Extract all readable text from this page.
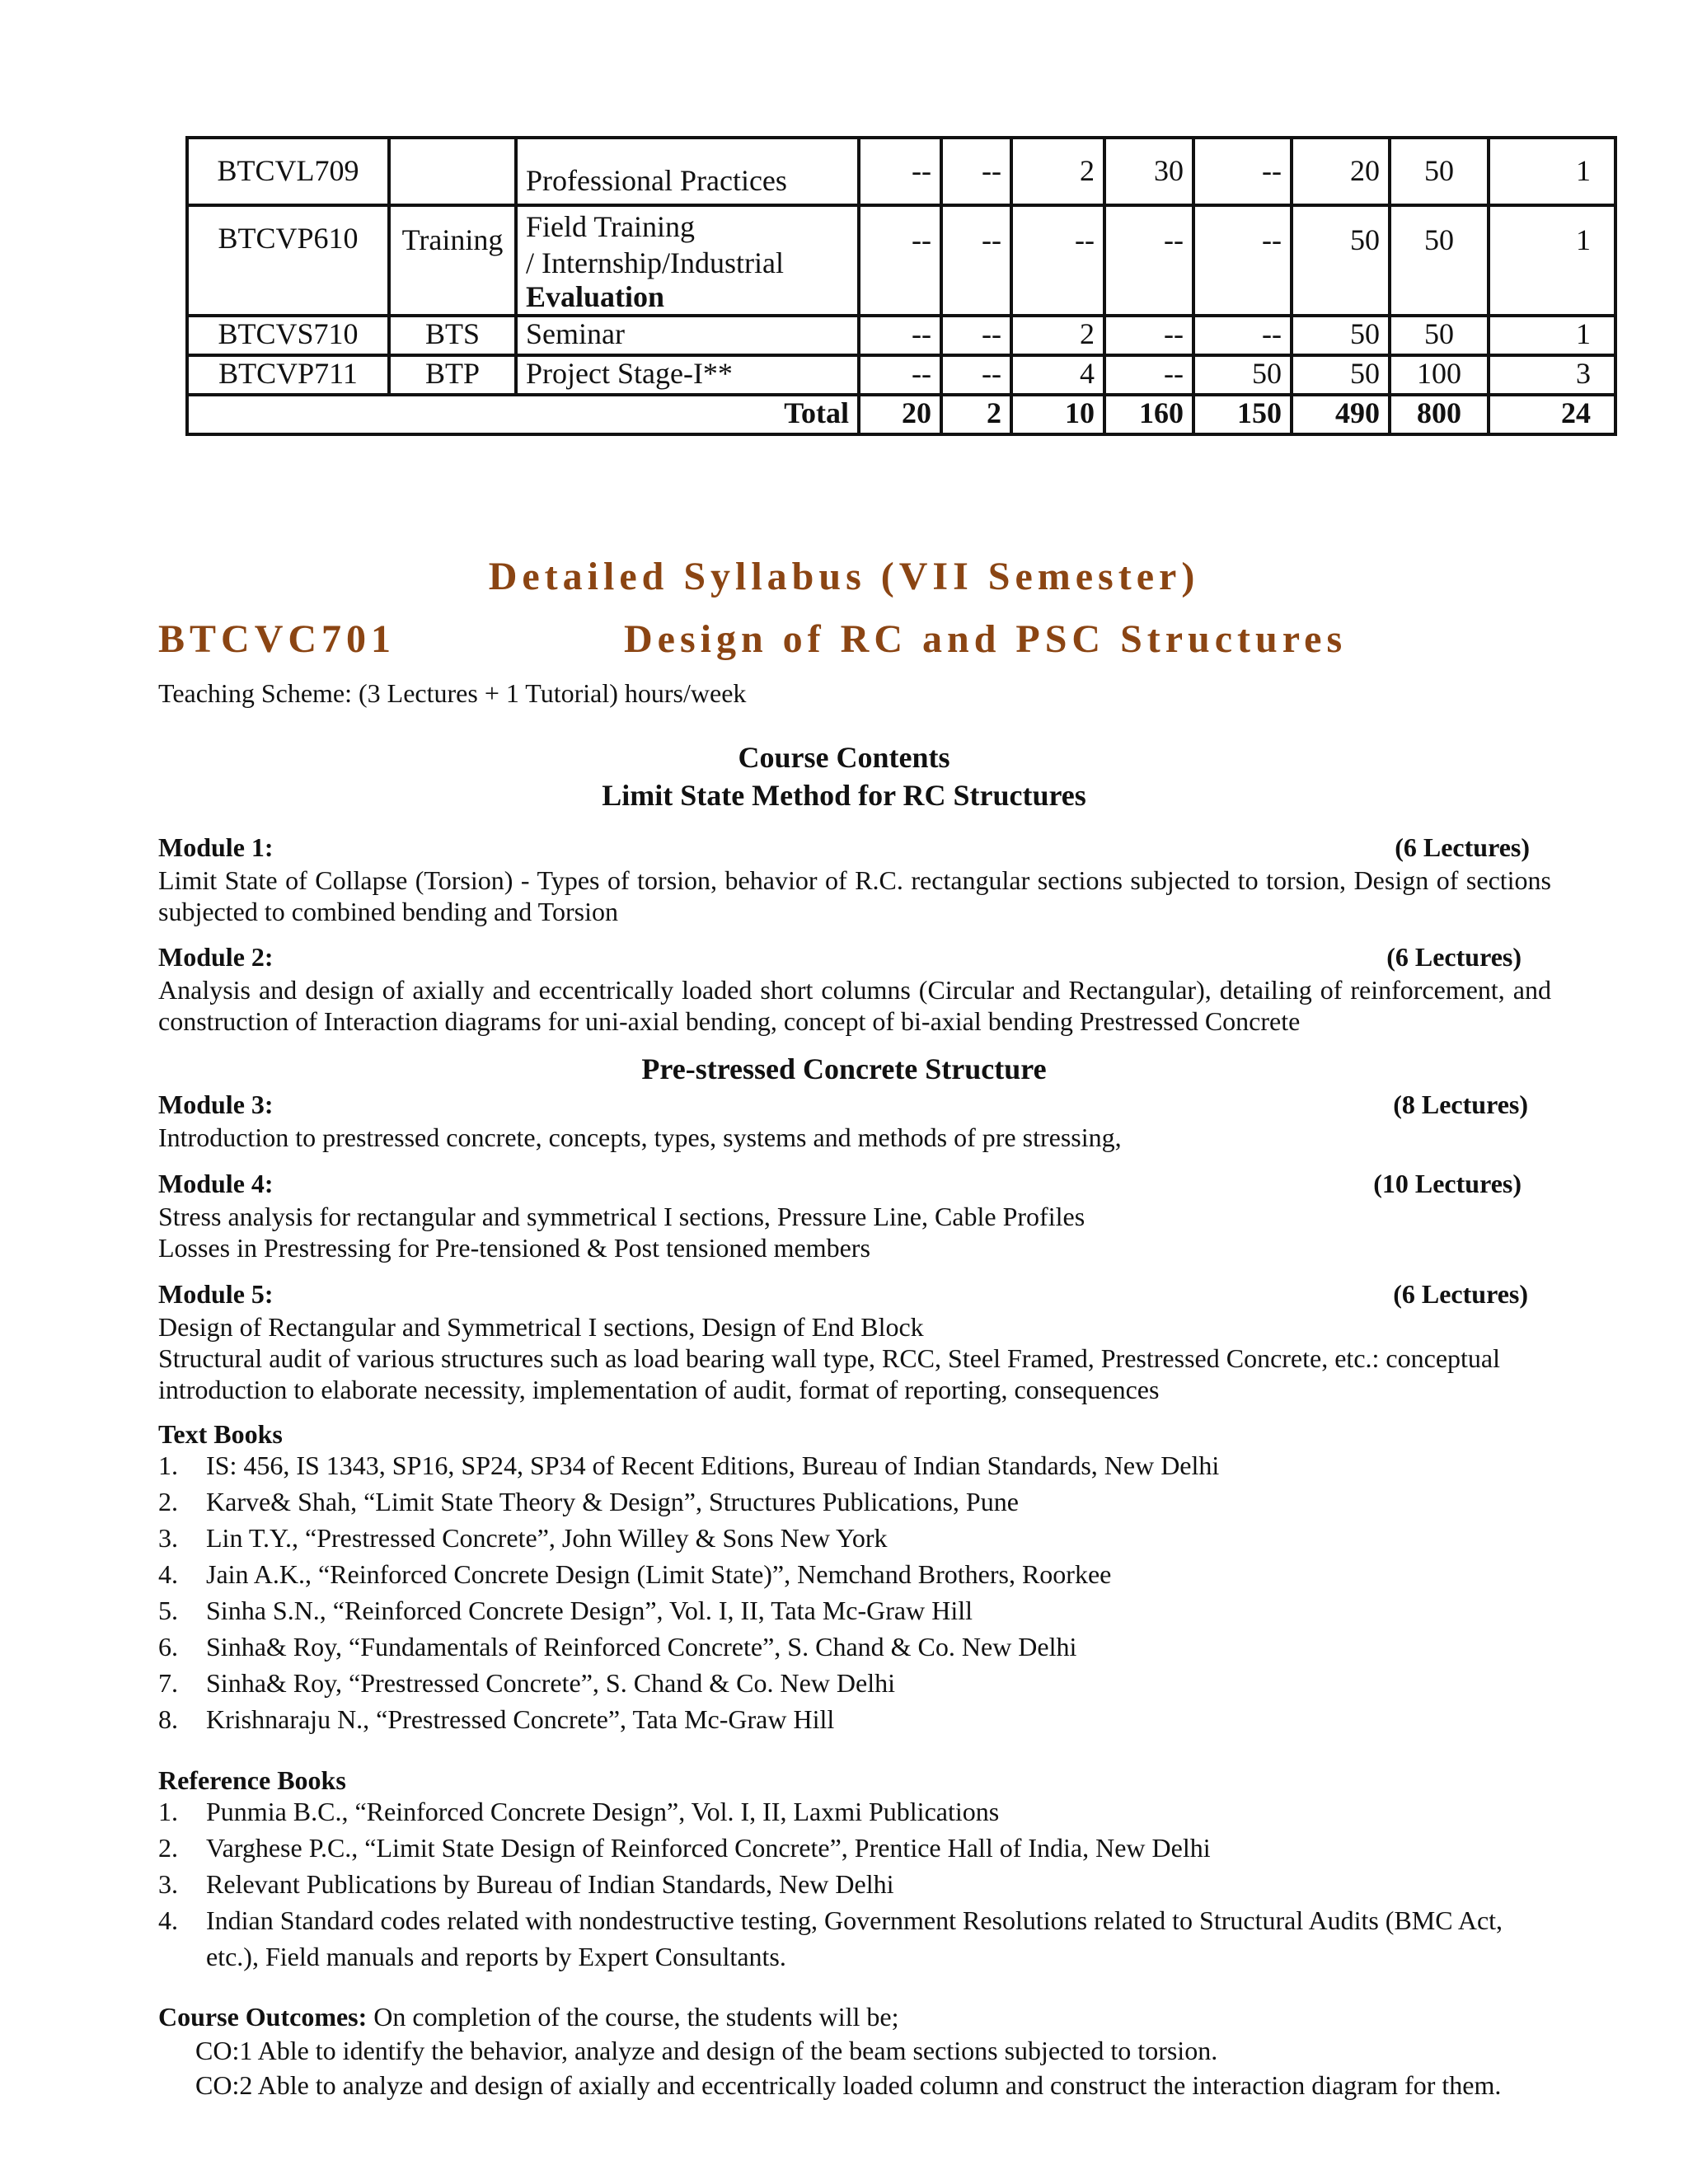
BTCVL709		Professional Practices	--	--	2	30	--	20	50	1
BTCVP610	Training	Field Training
/ Internship/Industrial
Evaluation	--	--	--	--	--	50	50	1
BTCVS710	BTS	Seminar	--	--	2	--	--	50	50	1
BTCVP711	BTP	Project Stage-I**	--	--	4	--	50	50	100	3
Total			20	2	10	160	150	490	800	24
Detailed Syllabus (VII Semester)
BTCVC701	Design of RC and PSC Structures
Teaching Scheme: (3 Lectures + 1 Tutorial) hours/week
Course Contents
Limit State Method for RC Structures
Module 1:	(6 Lectures)
Limit State of Collapse (Torsion) - Types of torsion, behavior of R.C. rectangular sections subjected to torsion, Design of sections subjected to combined bending and Torsion
Module 2:	(6 Lectures)
Analysis and design of axially and eccentrically loaded short columns (Circular and Rectangular), detailing of reinforcement, and construction of Interaction diagrams for uni-axial bending, concept of bi-axial bending Prestressed Concrete
Pre-stressed Concrete Structure
Module 3:	(8 Lectures)
Introduction to prestressed concrete, concepts, types, systems and methods of pre stressing,
Module 4:	(10 Lectures)
Stress analysis for rectangular and symmetrical I sections, Pressure Line, Cable Profiles
Losses in Prestressing for Pre-tensioned & Post tensioned members
Module 5:	(6 Lectures)
Design of Rectangular and Symmetrical I sections, Design of End Block
Structural audit of various structures such as load bearing wall type, RCC, Steel Framed, Prestressed Concrete, etc.: conceptual introduction to elaborate necessity, implementation of audit, format of reporting, consequences
Text Books
1. IS: 456, IS 1343, SP16, SP24, SP34 of Recent Editions, Bureau of Indian Standards, New Delhi
2. Karve& Shah, “Limit State Theory & Design”, Structures Publications, Pune
3. Lin T.Y., “Prestressed Concrete”, John Willey & Sons New York
4. Jain A.K., “Reinforced Concrete Design (Limit State)”, Nemchand Brothers, Roorkee
5. Sinha S.N., “Reinforced Concrete Design”, Vol. I, II, Tata Mc-Graw Hill
6. Sinha& Roy, “Fundamentals of Reinforced Concrete”, S. Chand & Co. New Delhi
7. Sinha& Roy, “Prestressed Concrete”, S. Chand & Co. New Delhi
8. Krishnaraju N., “Prestressed Concrete”, Tata Mc-Graw Hill
Reference Books
1. Punmia B.C., “Reinforced Concrete Design”, Vol. I, II, Laxmi Publications
2. Varghese P.C., “Limit State Design of Reinforced Concrete”, Prentice Hall of India, New Delhi
3. Relevant Publications by Bureau of Indian Standards, New Delhi
4. Indian Standard codes related with nondestructive testing, Government Resolutions related to Structural Audits (BMC Act, etc.), Field manuals and reports by Expert Consultants.
Course Outcomes: On completion of the course, the students will be;
CO:1 Able to identify the behavior, analyze and design of the beam sections subjected to torsion.
CO:2 Able to analyze and design of axially and eccentrically loaded column and construct the interaction diagram for them.
